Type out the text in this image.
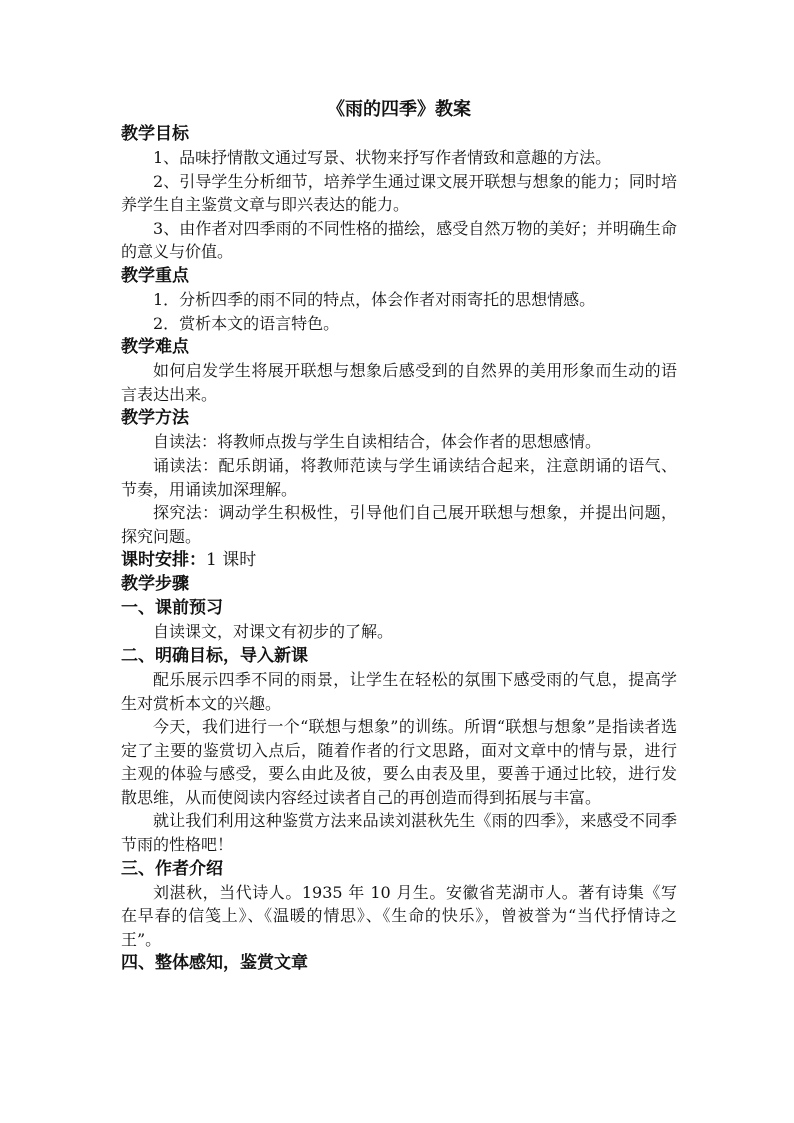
《雨的四季》教案

教学目标

1、品味抒情散文通过写景、状物来抒写作者情致和意趣的方法。

2、引导学生分析细节，培养学生通过课文展开联想与想象的能力；同时培养学生自主鉴赏文章与即兴表达的能力。

3、由作者对四季雨的不同性格的描绘，感受自然万物的美好；并明确生命的意义与价值。

教学重点

1．分析四季的雨不同的特点，体会作者对雨寄托的思想情感。

2．赏析本文的语言特色。

教学难点

如何启发学生将展开联想与想象后感受到的自然界的美用形象而生动的语言表达出来。

教学方法

自读法：将教师点拨与学生自读相结合，体会作者的思想感情。

诵读法：配乐朗诵，将教师范读与学生诵读结合起来，注意朗诵的语气、节奏，用诵读加深理解。

探究法：调动学生积极性，引导他们自己展开联想与想象，并提出问题，探究问题。

课时安排：1 课时

教学步骤

一、课前预习

自读课文，对课文有初步的了解。

二、明确目标，导入新课

配乐展示四季不同的雨景，让学生在轻松的氛围下感受雨的气息，提高学生对赏析本文的兴趣。

今天，我们进行一个“联想与想象”的训练。所谓“联想与想象”是指读者选定了主要的鉴赏切入点后，随着作者的行文思路，面对文章中的情与景，进行主观的体验与感受，要么由此及彼，要么由表及里，要善于通过比较，进行发散思维，从而使阅读内容经过读者自己的再创造而得到拓展与丰富。

就让我们利用这种鉴赏方法来品读刘湛秋先生《雨的四季》，来感受不同季节雨的性格吧！

三、作者介绍

刘湛秋，当代诗人。1935 年 10 月生。安徽省芜湖市人。著有诗集《写在早春的信笺上》、《温暖的情思》、《生命的快乐》，曾被誉为“当代抒情诗之王”。

四、整体感知，鉴赏文章
